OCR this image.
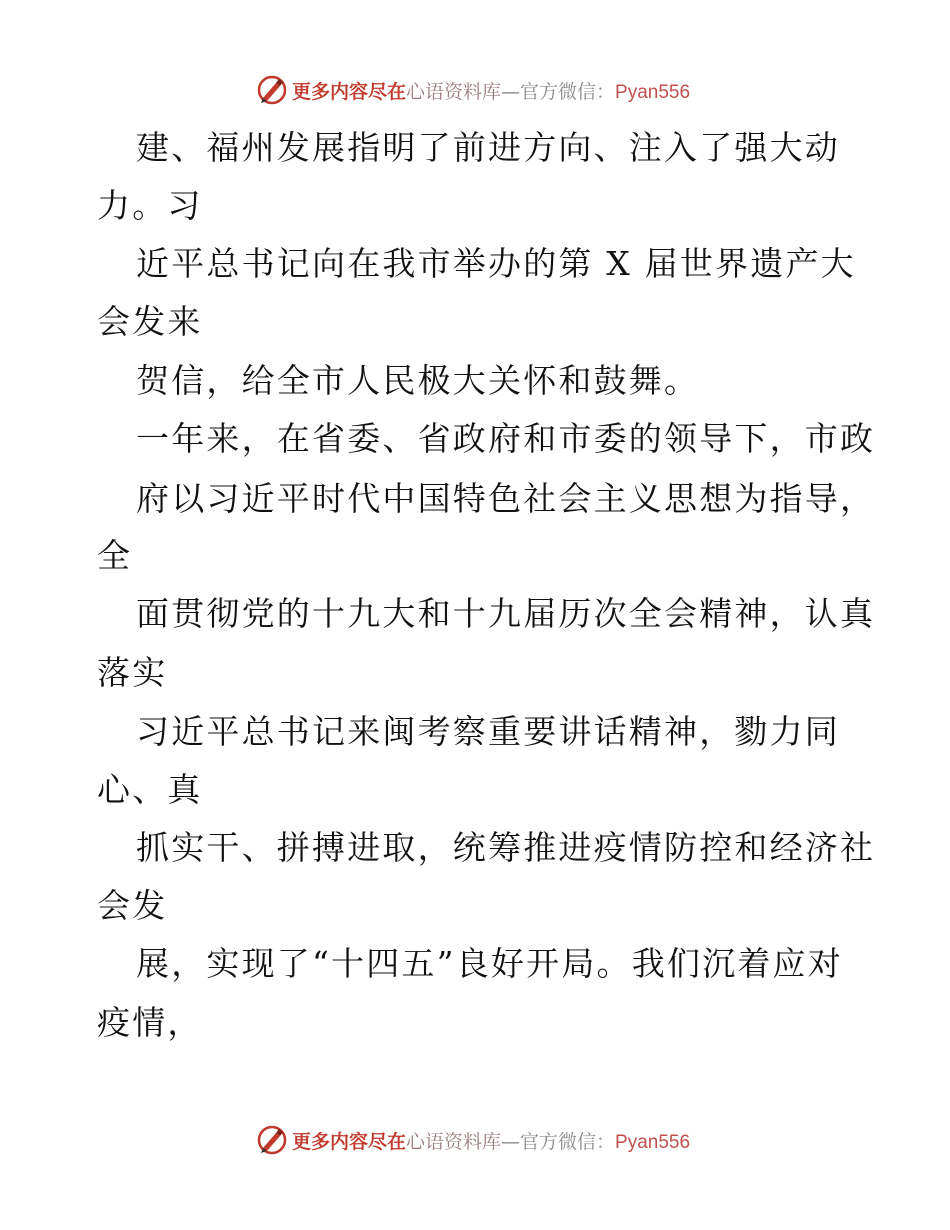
更多内容尽在心语资料库—官方微信：Pyan556
建、福州发展指明了前进方向、注入了强大动
力。习
近平总书记向在我市举办的第 X 届世界遗产大
会发来
贺信，给全市人民极大关怀和鼓舞。
一年来，在省委、省政府和市委的领导下，市政
府以习近平时代中国特色社会主义思想为指导，
全
面贯彻党的十九大和十九届历次全会精神，认真
落实
习近平总书记来闽考察重要讲话精神，勠力同
心、真
抓实干、拼搏进取，统筹推进疫情防控和经济社
会发
展，实现了“十四五”良好开局。我们沉着应对
疫情，
更多内容尽在心语资料库—官方微信：Pyan556
